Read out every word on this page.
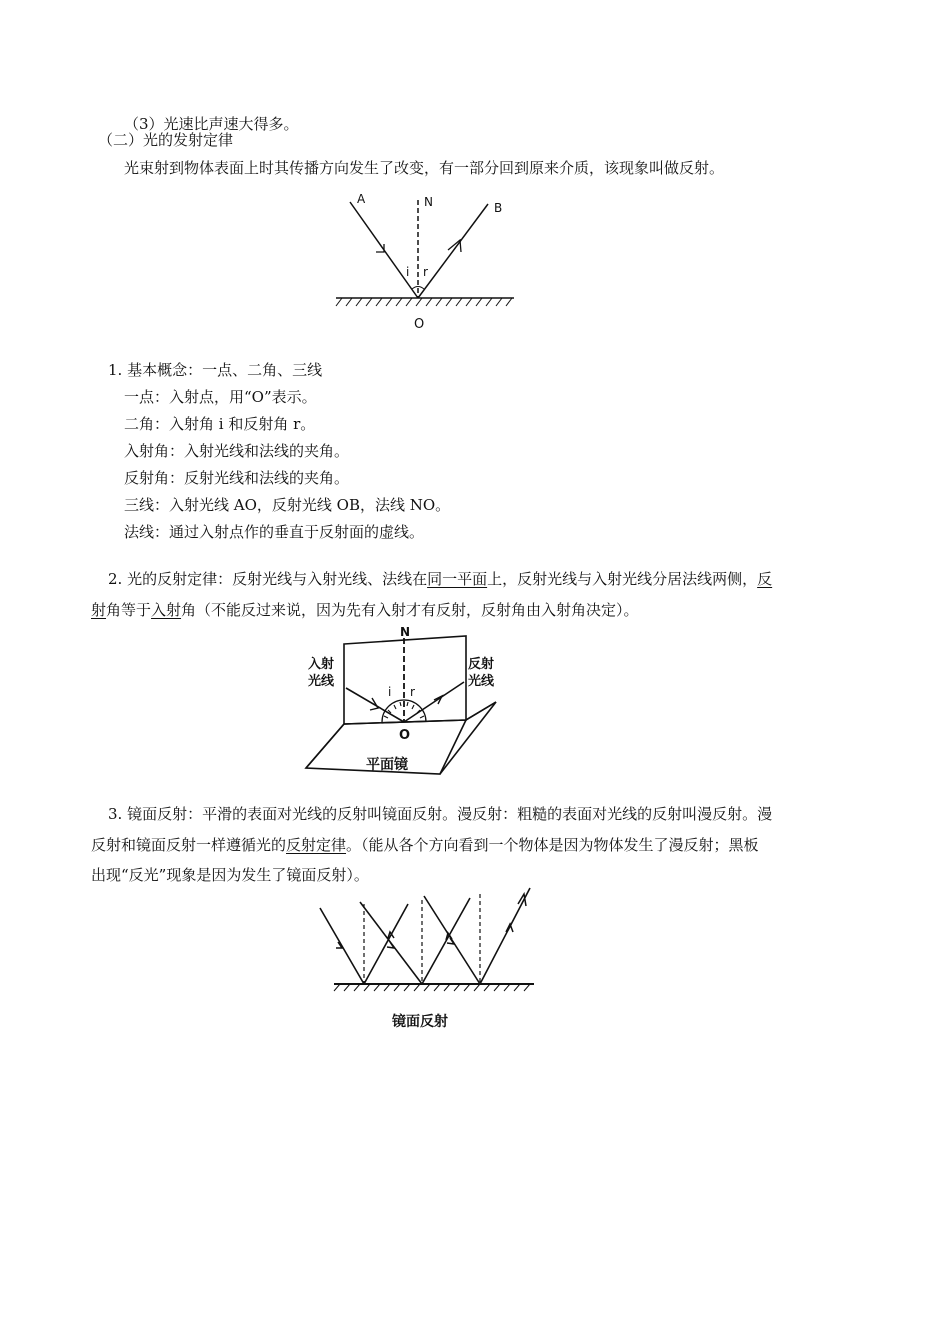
（3）光速比声速大得多。
（二）光的发射定律
光束射到物体表面上时其传播方向发生了改变，有一部分回到原来介质，该现象叫做反射。
A	N	B
i r
O
1. 基本概念：一点、二角、三线
一点：入射点，用“O”表示。
二角：入射角 i 和反射角 r。
入射角：入射光线和法线的夹角。
反射角：反射光线和法线的夹角。
三线：入射光线 AO，反射光线 OB，法线 NO。
法线：通过入射点作的垂直于反射面的虚线。
2. 光的反射定律：反射光线与入射光线、法线在同一平面上，反射光线与入射光线分居法线两侧，反
射角等于入射角（不能反过来说，因为先有入射才有反射，反射角由入射角决定）。
N
入射
光线
反射
光线
i r
O
平面镜
3. 镜面反射：平滑的表面对光线的反射叫镜面反射。漫反射：粗糙的表面对光线的反射叫漫反射。漫
反射和镜面反射一样遵循光的反射定律。（能从各个方向看到一个物体是因为物体发生了漫反射；黑板
出现“反光”现象是因为发生了镜面反射）。
镜面反射
